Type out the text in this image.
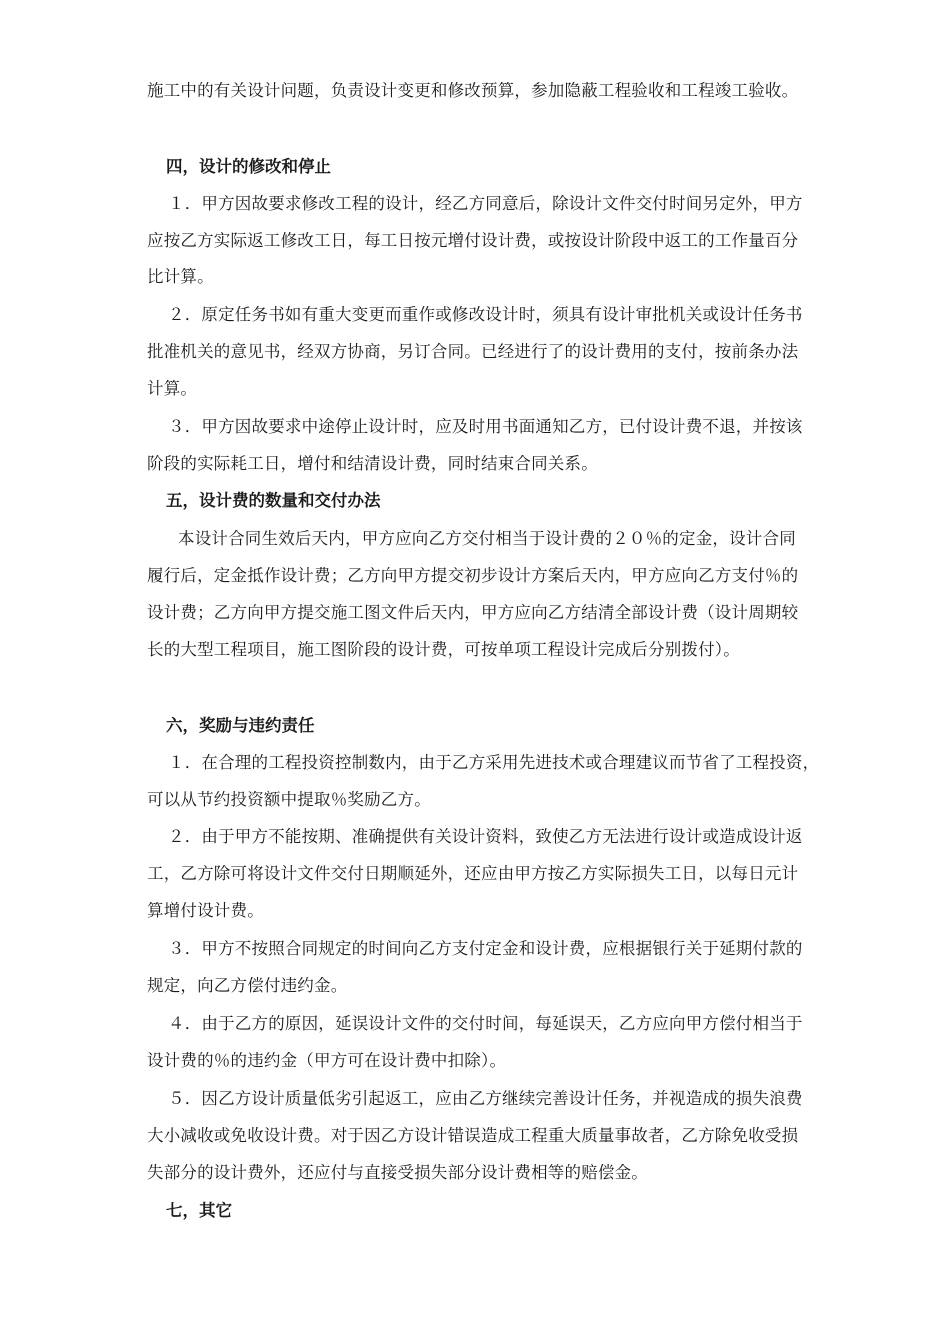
施工中的有关设计问题，负责设计变更和修改预算，参加隐蔽工程验收和工程竣工验收。
四，设计的修改和停止
１．甲方因故要求修改工程的设计，经乙方同意后，除设计文件交付时间另定外，甲方
应按乙方实际返工修改工日，每工日按元增付设计费，或按设计阶段中返工的工作量百分
比计算。
２．原定任务书如有重大变更而重作或修改设计时，须具有设计审批机关或设计任务书
批准机关的意见书，经双方协商，另订合同。已经进行了的设计费用的支付，按前条办法
计算。
３．甲方因故要求中途停止设计时，应及时用书面通知乙方，已付设计费不退，并按该
阶段的实际耗工日，增付和结清设计费，同时结束合同关系。
五，设计费的数量和交付办法
本设计合同生效后天内，甲方应向乙方交付相当于设计费的２０％的定金，设计合同
履行后，定金抵作设计费；乙方向甲方提交初步设计方案后天内，甲方应向乙方支付％的
设计费；乙方向甲方提交施工图文件后天内，甲方应向乙方结清全部设计费（设计周期较
长的大型工程项目，施工图阶段的设计费，可按单项工程设计完成后分别拨付）。
六，奖励与违约责任
１．在合理的工程投资控制数内，由于乙方采用先进技术或合理建议而节省了工程投资，
可以从节约投资额中提取％奖励乙方。
２．由于甲方不能按期、准确提供有关设计资料，致使乙方无法进行设计或造成设计返
工，乙方除可将设计文件交付日期顺延外，还应由甲方按乙方实际损失工日，以每日元计
算增付设计费。
３．甲方不按照合同规定的时间向乙方支付定金和设计费，应根据银行关于延期付款的
规定，向乙方偿付违约金。
４．由于乙方的原因，延误设计文件的交付时间，每延误天，乙方应向甲方偿付相当于
设计费的％的违约金（甲方可在设计费中扣除）。
５．因乙方设计质量低劣引起返工，应由乙方继续完善设计任务，并视造成的损失浪费
大小减收或免收设计费。对于因乙方设计错误造成工程重大质量事故者，乙方除免收受损
失部分的设计费外，还应付与直接受损失部分设计费相等的赔偿金。
七，其它
